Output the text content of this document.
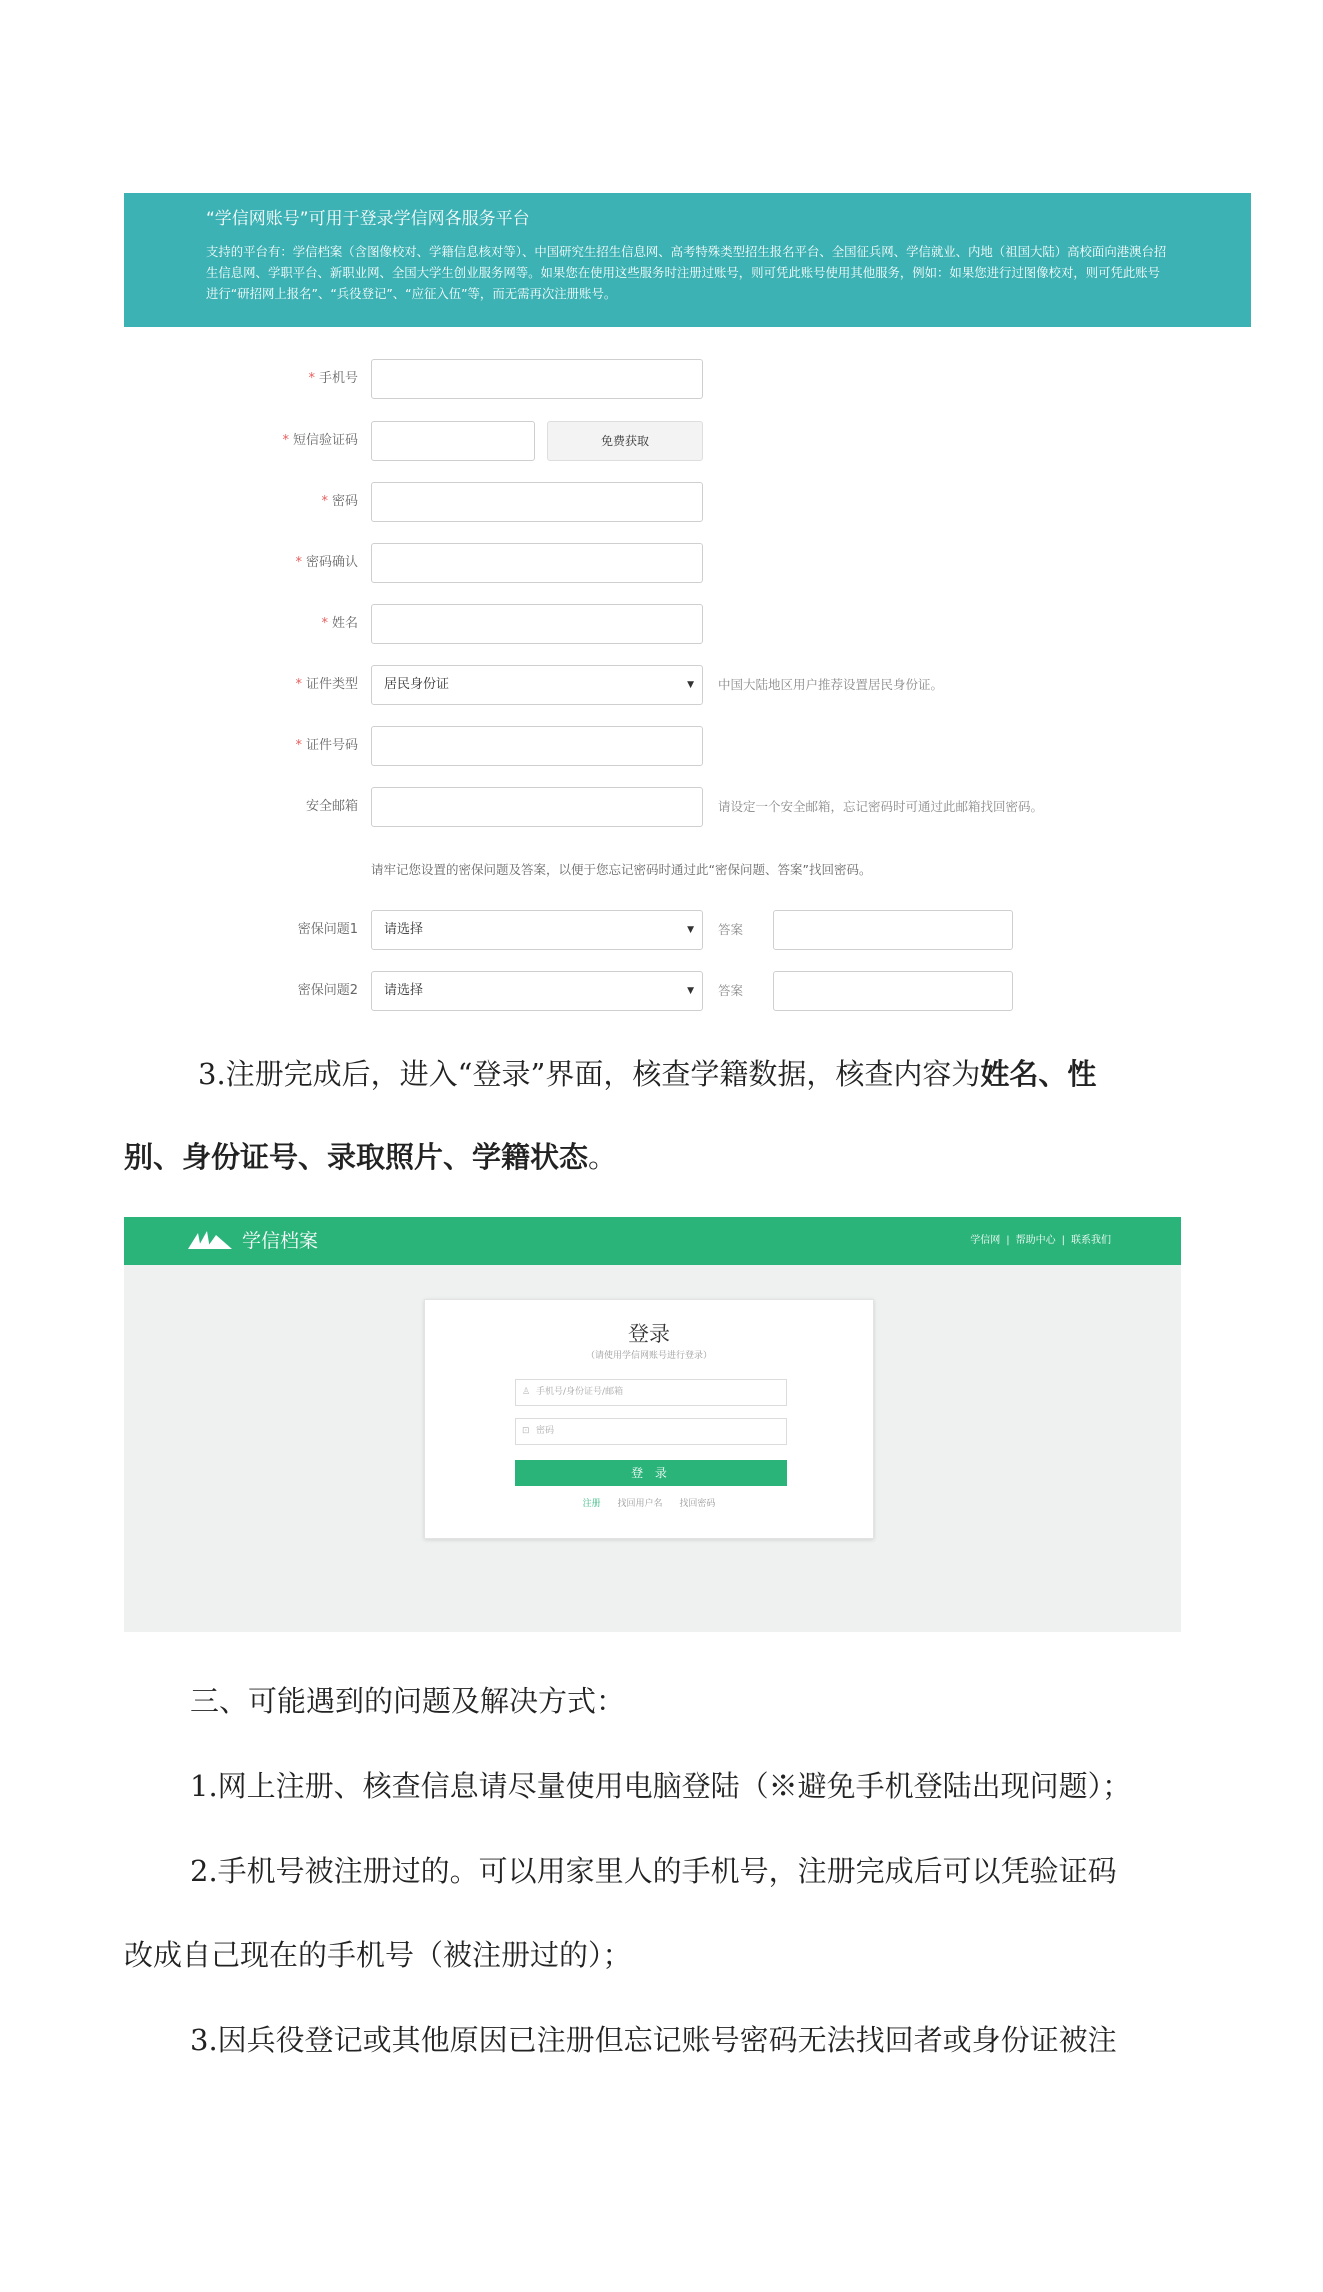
“学信网账号”可用于登录学信网各服务平台
支持的平台有：学信档案（含图像校对、学籍信息核对等）、中国研究生招生信息网、高考特殊类型招生报名平台、全国征兵网、学信就业、内地（祖国大陆）高校面向港澳台招生信息网、学职平台、新职业网、全国大学生创业服务网等。如果您在使用这些服务时注册过账号，则可凭此账号使用其他服务，例如：如果您进行过图像校对，则可凭此账号进行“研招网上报名”、“兵役登记”、“应征入伍”等，而无需再次注册账号。
* 手机号
* 短信验证码	免费获取
* 密码
* 密码确认
* 姓名
* 证件类型	居民身份证	▼ 中国大陆地区用户推荐设置居民身份证。
* 证件号码
安全邮箱	请设定一个安全邮箱，忘记密码时可通过此邮箱找回密码。
请牢记您设置的密保问题及答案，以便于您忘记密码时通过此“密保问题、答案”找回密码。
密保问题1	请选择	▼ 答案
密保问题2	请选择	▼ 答案

3.注册完成后，进入“登录”界面，核查学籍数据，核查内容为姓名、性

别、身份证号、录取照片、学籍状态。

学信档案	学信网 | 帮助中心 | 联系我们
登录
（请使用学信网账号进行登录）
♙ 手机号/身份证号/邮箱
⊡ 密码
登 录
注册 找回用户名 找回密码

三、可能遇到的问题及解决方式：

1.网上注册、核查信息请尽量使用电脑登陆（※避免手机登陆出现问题）；

2.手机号被注册过的。可以用家里人的手机号，注册完成后可以凭验证码

改成自己现在的手机号（被注册过的）；

3.因兵役登记或其他原因已注册但忘记账号密码无法找回者或身份证被注
